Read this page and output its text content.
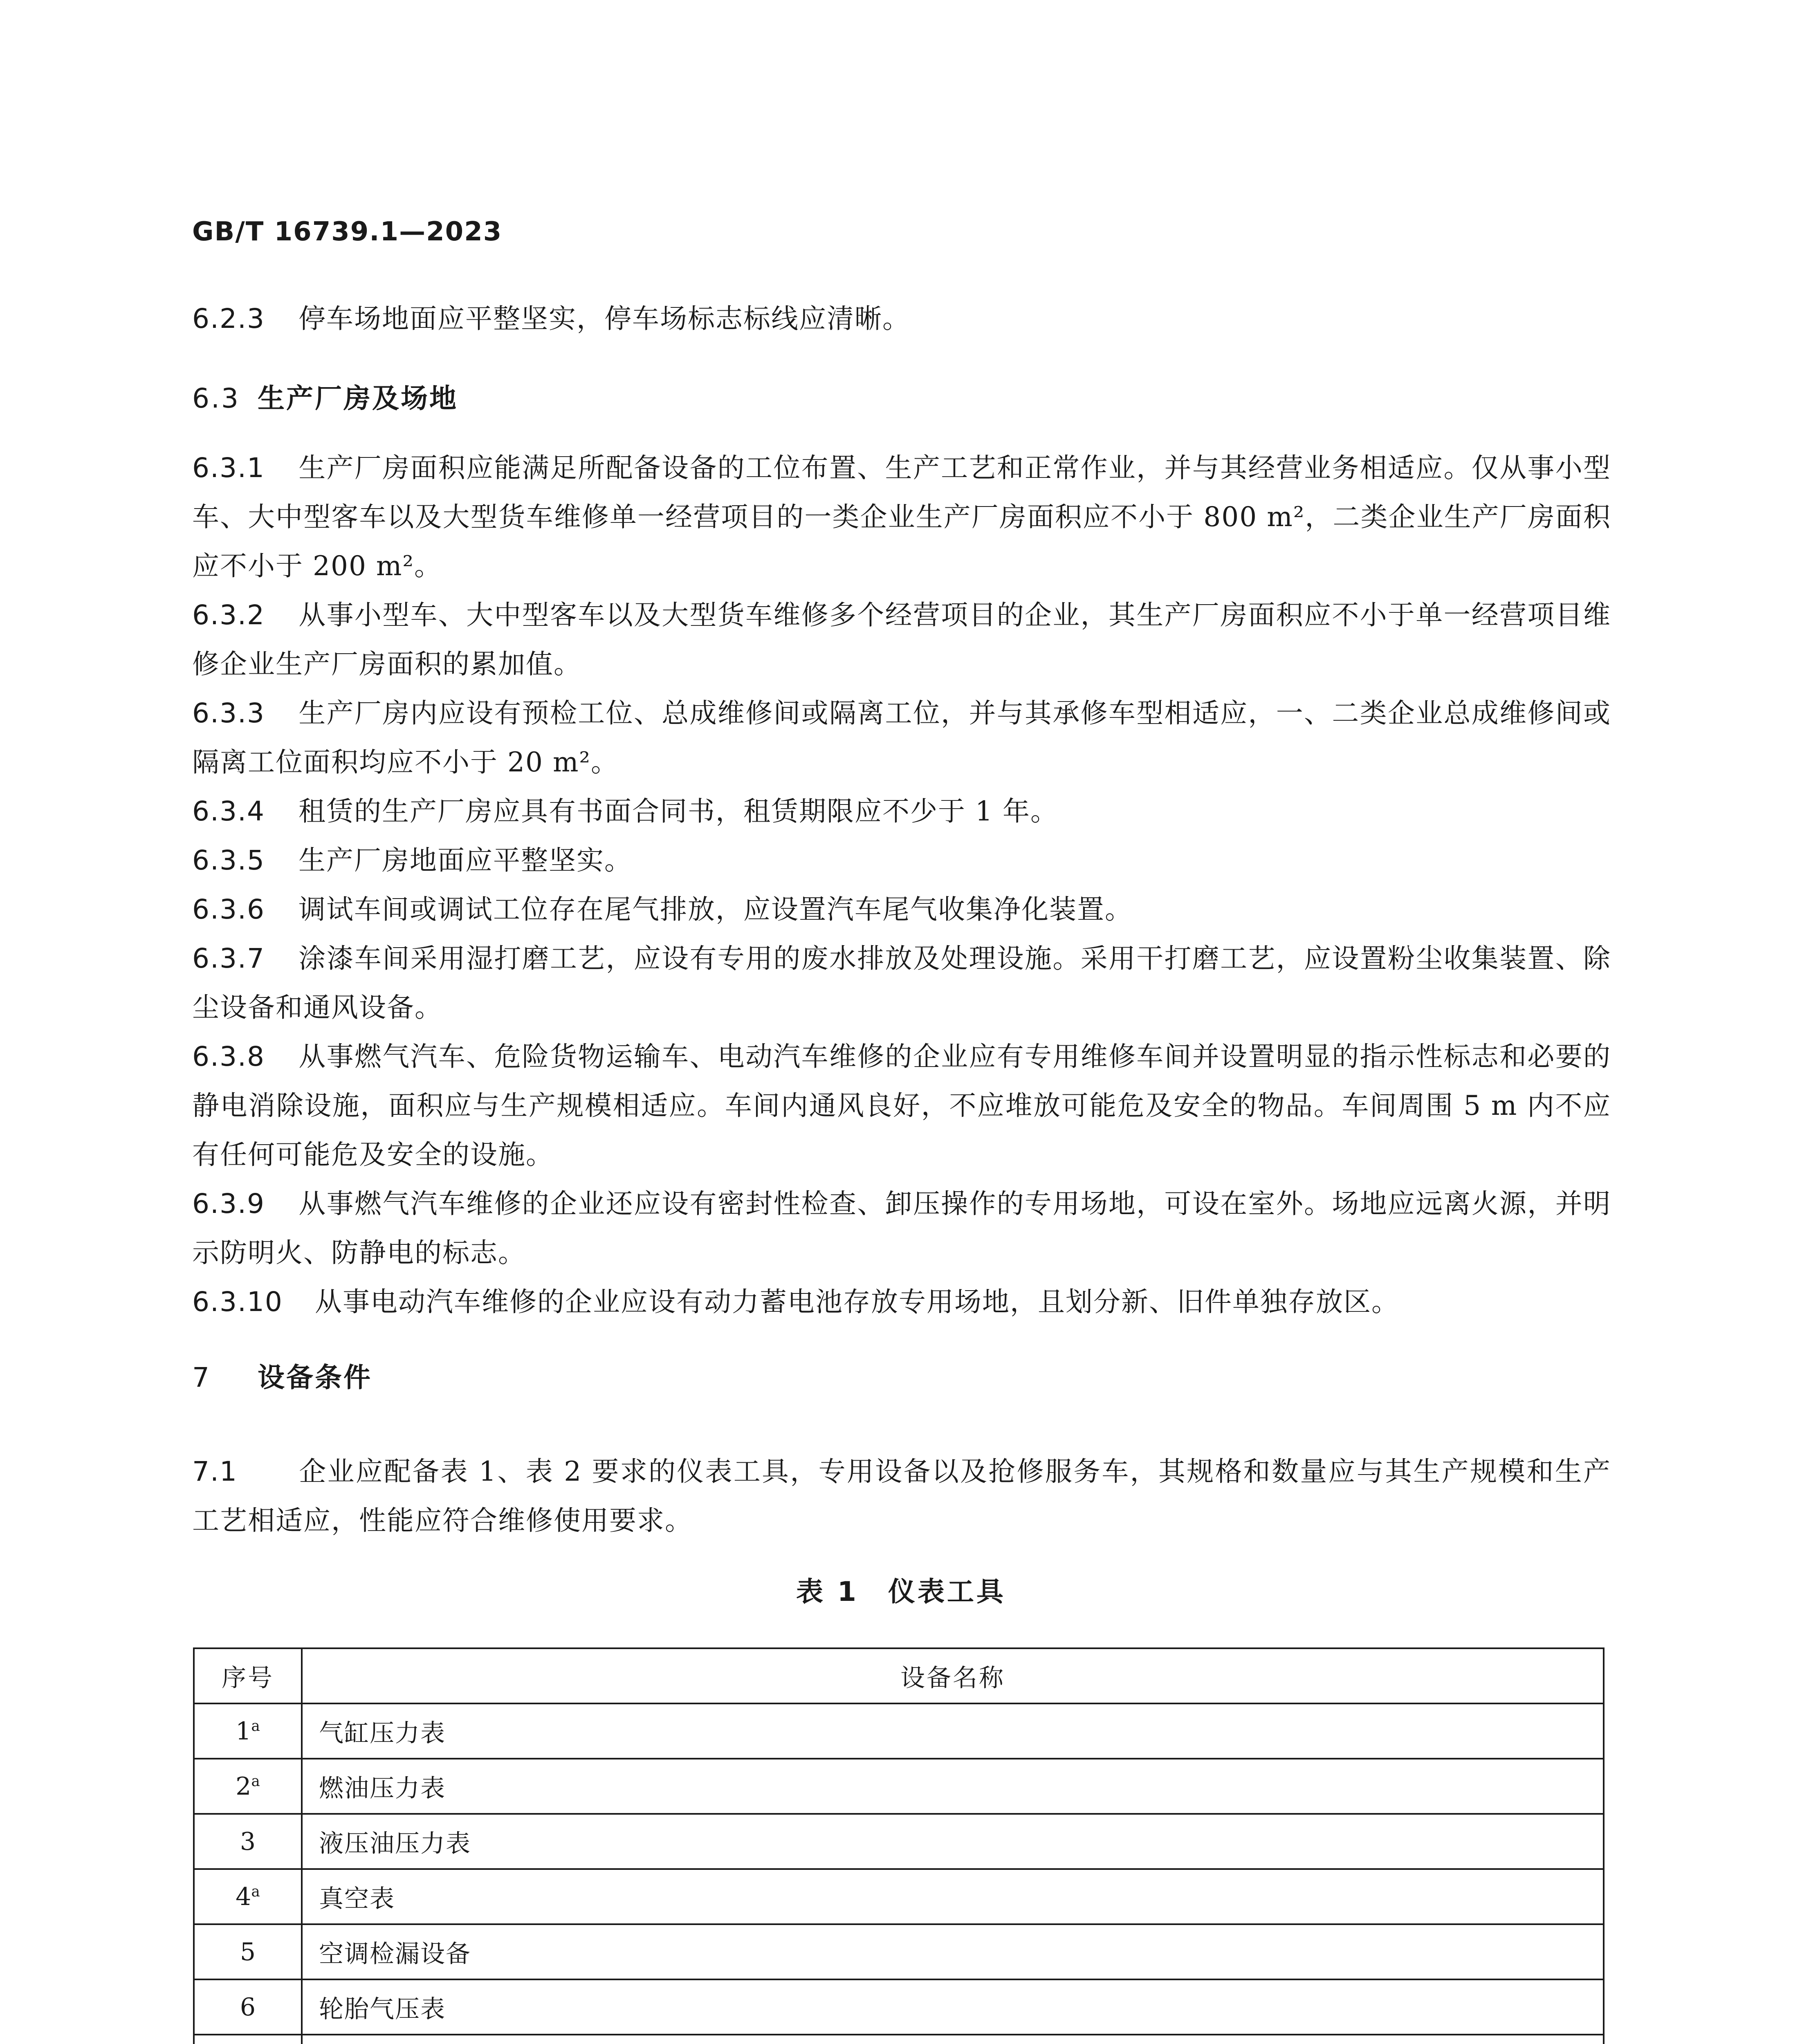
GB/T 16739.1—2023

6.2.3 停车场地面应平整坚实，停车场标志标线应清晰。

6.3 生产厂房及场地

6.3.1 生产厂房面积应能满足所配备设备的工位布置、生产工艺和正常作业，并与其经营业务相适应。仅从事小型车、大中型客车以及大型货车维修单一经营项目的一类企业生产厂房面积应不小于 800 m²，二类企业生产厂房面积应不小于 200 m²。

6.3.2 从事小型车、大中型客车以及大型货车维修多个经营项目的企业，其生产厂房面积应不小于单一经营项目维修企业生产厂房面积的累加值。

6.3.3 生产厂房内应设有预检工位、总成维修间或隔离工位，并与其承修车型相适应，一、二类企业总成维修间或隔离工位面积均应不小于 20 m²。

6.3.4 租赁的生产厂房应具有书面合同书，租赁期限应不少于 1 年。

6.3.5 生产厂房地面应平整坚实。

6.3.6 调试车间或调试工位存在尾气排放，应设置汽车尾气收集净化装置。

6.3.7 涂漆车间采用湿打磨工艺，应设有专用的废水排放及处理设施。采用干打磨工艺，应设置粉尘收集装置、除尘设备和通风设备。

6.3.8 从事燃气汽车、危险货物运输车、电动汽车维修的企业应有专用维修车间并设置明显的指示性标志和必要的静电消除设施，面积应与生产规模相适应。车间内通风良好，不应堆放可能危及安全的物品。车间周围 5 m 内不应有任何可能危及安全的设施。

6.3.9 从事燃气汽车维修的企业还应设有密封性检查、卸压操作的专用场地，可设在室外。场地应远离火源，并明示防明火、防静电的标志。

6.3.10 从事电动汽车维修的企业应设有动力蓄电池存放专用场地，且划分新、旧件单独存放区。

7 设备条件

7.1 企业应配备表 1、表 2 要求的仪表工具，专用设备以及抢修服务车，其规格和数量应与其生产规模和生产工艺相适应，性能应符合维修使用要求。

表 1　仪表工具
序号	设备名称
1$^a$	气缸压力表
2$^a$	燃油压力表
3	液压油压力表
4$^a$	真空表
5	空调检漏设备
6	轮胎气压表
